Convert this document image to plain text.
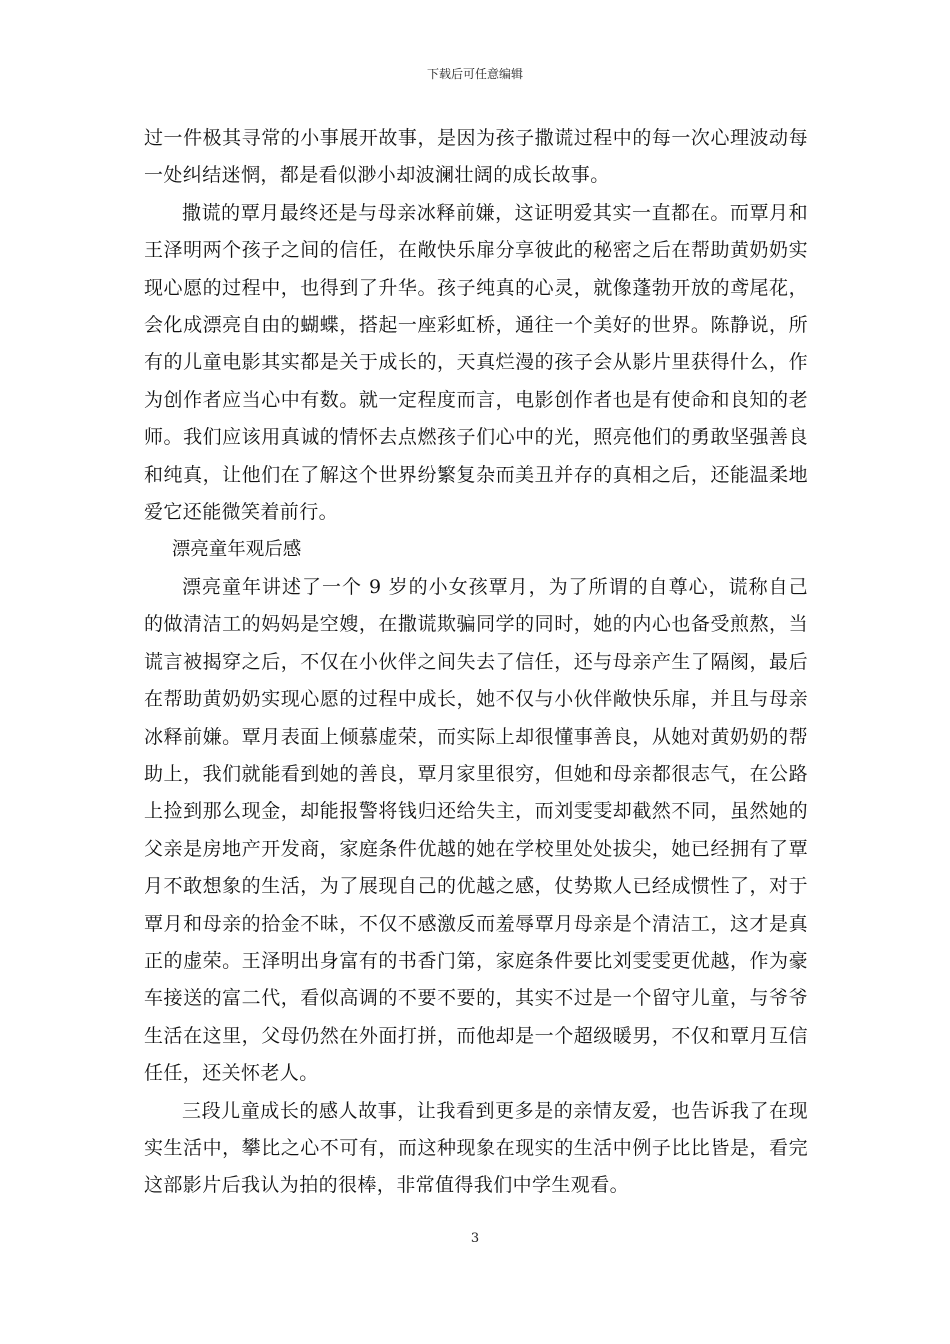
下载后可任意编辑

过一件极其寻常的小事展开故事，是因为孩子撒谎过程中的每一次心理波动每一处纠结迷惘，都是看似渺小却波澜壮阔的成长故事。

撒谎的覃月最终还是与母亲冰释前嫌，这证明爱其实一直都在。而覃月和王泽明两个孩子之间的信任，在敞快乐扉分享彼此的秘密之后在帮助黄奶奶实现心愿的过程中，也得到了升华。孩子纯真的心灵，就像蓬勃开放的鸢尾花，会化成漂亮自由的蝴蝶，搭起一座彩虹桥，通往一个美好的世界。陈静说，所有的儿童电影其实都是关于成长的，天真烂漫的孩子会从影片里获得什么，作为创作者应当心中有数。就一定程度而言，电影创作者也是有使命和良知的老师。我们应该用真诚的情怀去点燃孩子们心中的光，照亮他们的勇敢坚强善良和纯真，让他们在了解这个世界纷繁复杂而美丑并存的真相之后，还能温柔地爱它还能微笑着前行。

漂亮童年观后感

漂亮童年讲述了一个 9 岁的小女孩覃月，为了所谓的自尊心，谎称自己的做清洁工的妈妈是空嫂，在撒谎欺骗同学的同时，她的内心也备受煎熬，当谎言被揭穿之后，不仅在小伙伴之间失去了信任，还与母亲产生了隔阂，最后在帮助黄奶奶实现心愿的过程中成长，她不仅与小伙伴敞快乐扉，并且与母亲冰释前嫌。覃月表面上倾慕虚荣，而实际上却很懂事善良，从她对黄奶奶的帮助上，我们就能看到她的善良，覃月家里很穷，但她和母亲都很志气，在公路上捡到那么现金，却能报警将钱归还给失主，而刘雯雯却截然不同，虽然她的父亲是房地产开发商，家庭条件优越的她在学校里处处拔尖，她已经拥有了覃月不敢想象的生活，为了展现自己的优越之感，仗势欺人已经成惯性了，对于覃月和母亲的拾金不昧，不仅不感激反而羞辱覃月母亲是个清洁工，这才是真正的虚荣。王泽明出身富有的书香门第，家庭条件要比刘雯雯更优越，作为豪车接送的富二代，看似高调的不要不要的，其实不过是一个留守儿童，与爷爷生活在这里，父母仍然在外面打拼，而他却是一个超级暖男，不仅和覃月互信任任，还关怀老人。

三段儿童成长的感人故事，让我看到更多是的亲情友爱，也告诉我了在现实生活中，攀比之心不可有，而这种现象在现实的生活中例子比比皆是，看完这部影片后我认为拍的很棒，非常值得我们中学生观看。

3
